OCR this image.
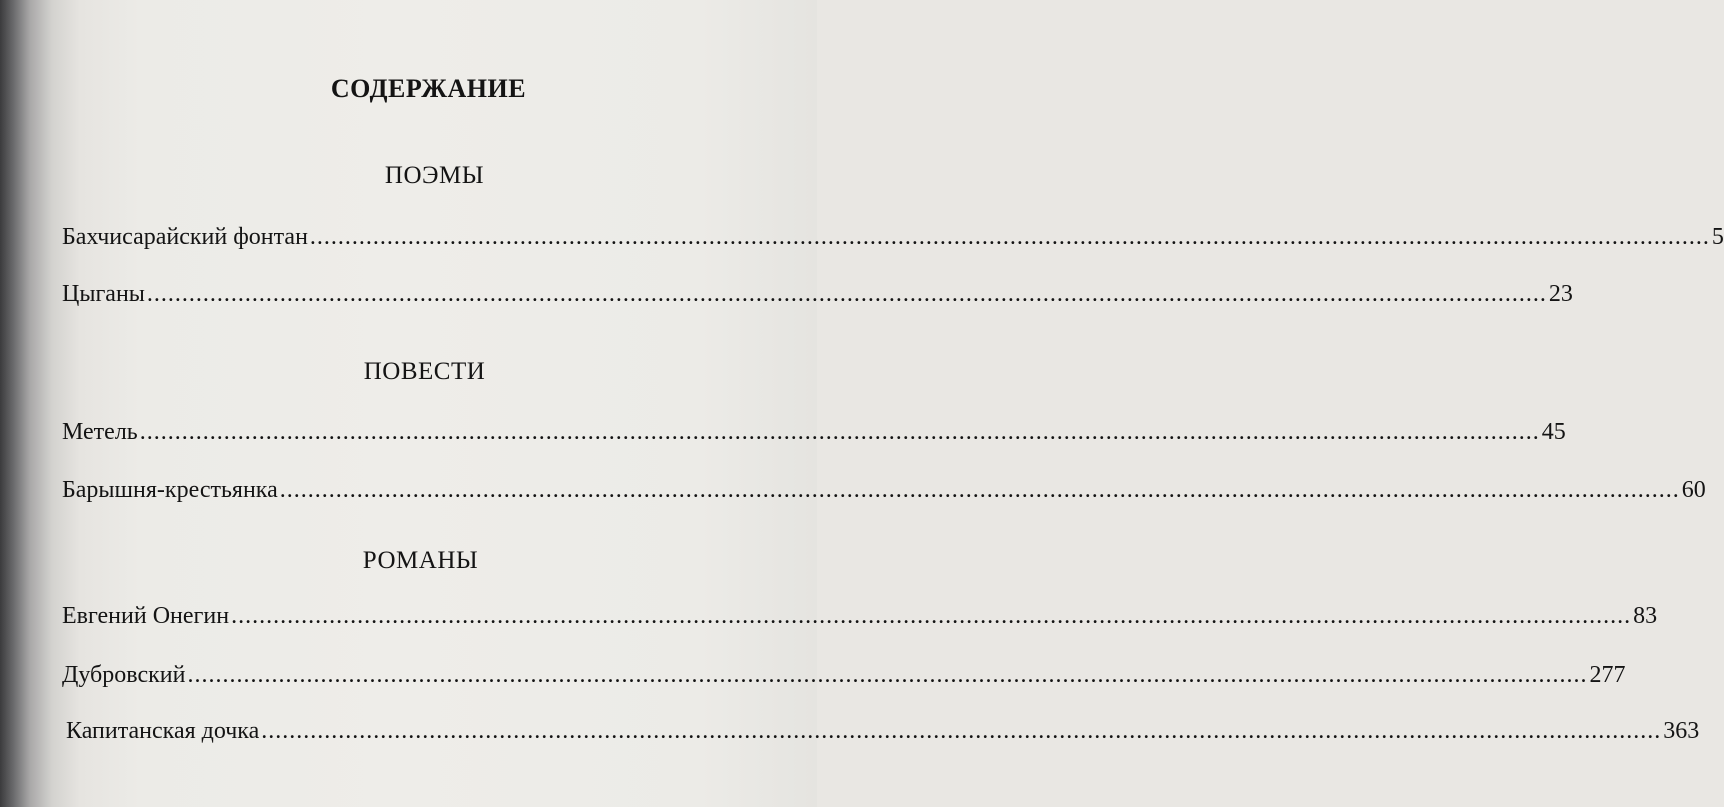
СОДЕРЖАНИЕ
ПОЭМЫ
Бахчисарайский фонтан ........................................................................................................................................................................................................ 5
Цыганы ........................................................................................................................................................................................................ 23
ПОВЕСТИ
Метель ........................................................................................................................................................................................................ 45
Барышня-крестьянка ........................................................................................................................................................................................................ 60
РОМАНЫ
Евгений Онегин ........................................................................................................................................................................................................ 83
Дубровский ........................................................................................................................................................................................................ 277
Капитанская дочка ........................................................................................................................................................................................................ 363
